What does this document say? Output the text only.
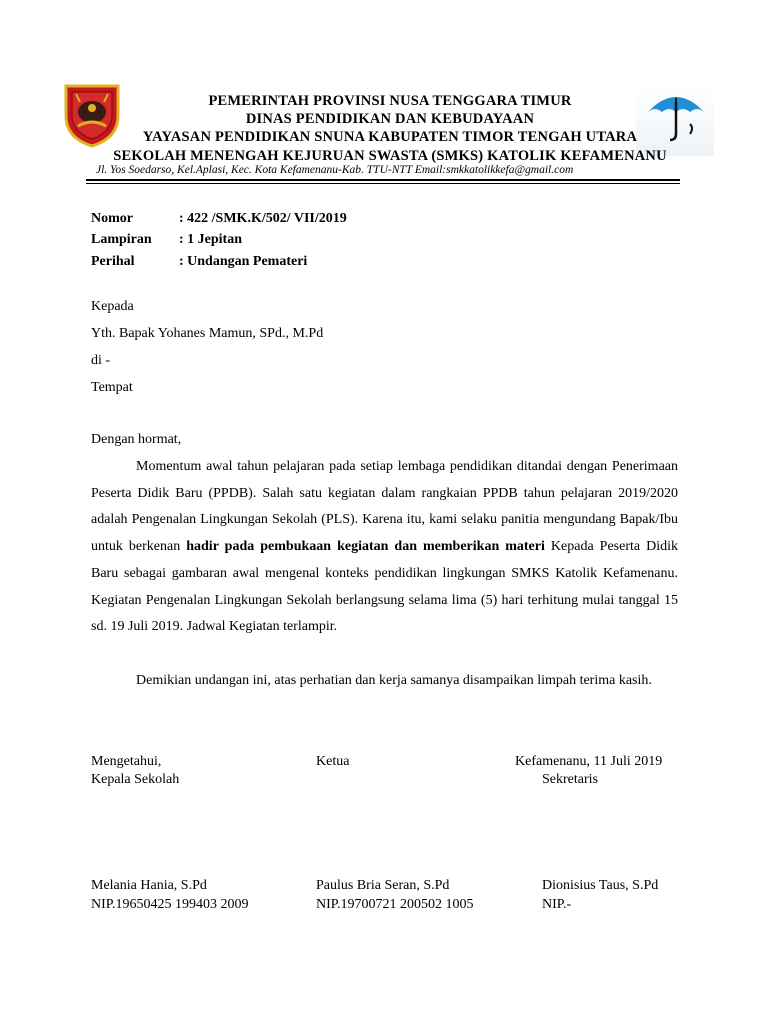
PEMERINTAH PROVINSI NUSA TENGGARA TIMUR
DINAS PENDIDIKAN DAN KEBUDAYAAN
YAYASAN PENDIDIKAN SNUNA KABUPATEN TIMOR TENGAH UTARA
SEKOLAH MENENGAH KEJURUAN SWASTA (SMKS) KATOLIK KEFAMENANU
Jl. Yos Soedarso, Kel.Aplasi, Kec. Kota Kefamenanu-Kab. TTU-NTT Email:smkkatolikkefa@gmail.com
Nomor	: 422 /SMK.K/502/ VII/2019
Lampiran : 1 Jepitan
Perihal	: Undangan Pemateri
Kepada
Yth. Bapak Yohanes Mamun, SPd., M.Pd
di -
Tempat
Dengan hormat,

Momentum awal tahun pelajaran pada setiap lembaga pendidikan ditandai dengan Penerimaan Peserta Didik Baru (PPDB). Salah satu kegiatan dalam rangkaian PPDB tahun pelajaran 2019/2020 adalah Pengenalan Lingkungan Sekolah (PLS). Karena itu, kami selaku panitia mengundang Bapak/Ibu untuk berkenan hadir pada pembukaan kegiatan dan memberikan materi Kepada Peserta Didik Baru sebagai gambaran awal mengenal konteks pendidikan lingkungan SMKS Katolik Kefamenanu. Kegiatan Pengenalan Lingkungan Sekolah berlangsung selama lima (5) hari terhitung mulai tanggal 15 sd. 19 Juli 2019. Jadwal Kegiatan terlampir.

Demikian undangan ini, atas perhatian dan kerja samanya disampaikan limpah terima kasih.

Mengetahui,
Kepala Sekolah
Melania Hania, S.Pd
NIP.19650425 199403 2009
Ketua
Paulus Bria Seran, S.Pd
NIP.19700721 200502 1005
Kefamenanu, 11 Juli 2019
Sekretaris
Dionisius Taus, S.Pd
NIP.-
